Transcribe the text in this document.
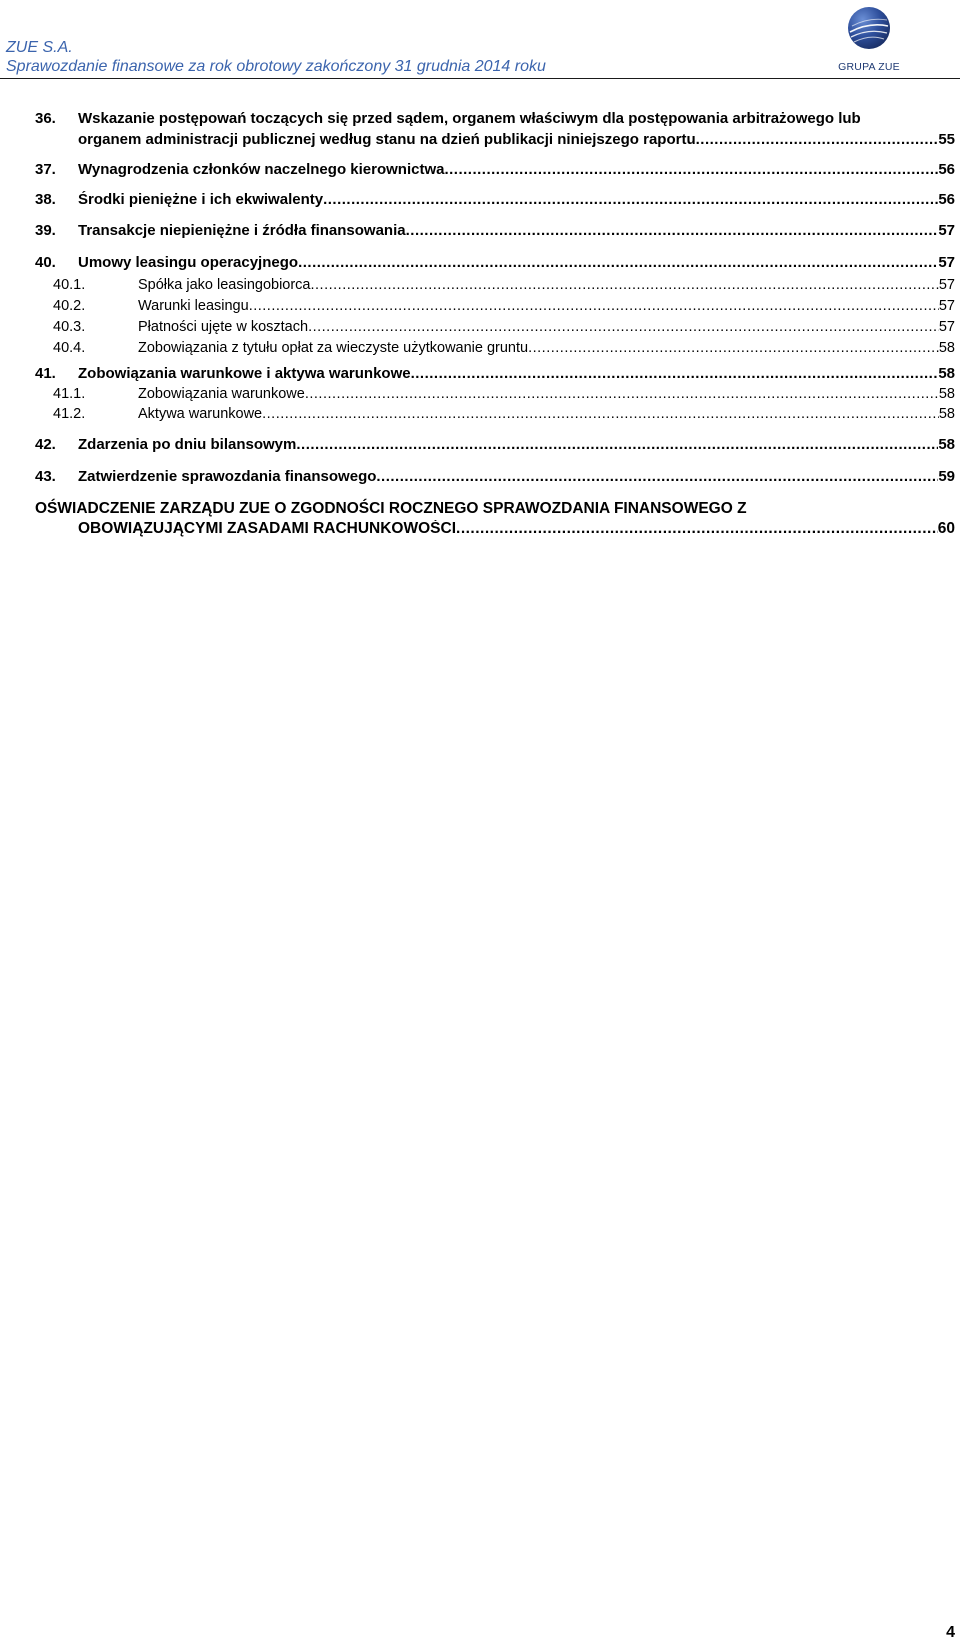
ZUE S.A.
Sprawozdanie finansowe za rok obrotowy zakończony 31 grudnia 2014 roku	GRUPA ZUE
36. Wskazanie postępowań toczących się przed sądem, organem właściwym dla postępowania arbitrażowego lub
organem administracji publicznej według stanu na dzień publikacji niniejszego raportu .....	55
37. Wynagrodzenia członków naczelnego kierownictwa .....	56
38. Środki pieniężne i ich ekwiwalenty .....	56
39. Transakcje niepieniężne i źródła finansowania .....	57
40. Umowy leasingu operacyjnego .....	57
40.1.	Spółka jako leasingobiorca .....	57
40.2.	Warunki leasingu .....	57
40.3.	Płatności ujęte w kosztach .....	57
40.4.	Zobowiązania z tytułu opłat za wieczyste użytkowanie gruntu .....	58
41. Zobowiązania warunkowe i aktywa warunkowe .....	58
41.1.	Zobowiązania warunkowe .....	58
41.2.	Aktywa warunkowe .....	58
42. Zdarzenia po dniu bilansowym .....	58
43. Zatwierdzenie sprawozdania finansowego .....	59
OŚWIADCZENIE ZARZĄDU ZUE O ZGODNOŚCI ROCZNEGO SPRAWOZDANIA FINANSOWEGO Z
OBOWIĄZUJĄCYMI ZASADAMI RACHUNKOWOŚCI .....	60
4
